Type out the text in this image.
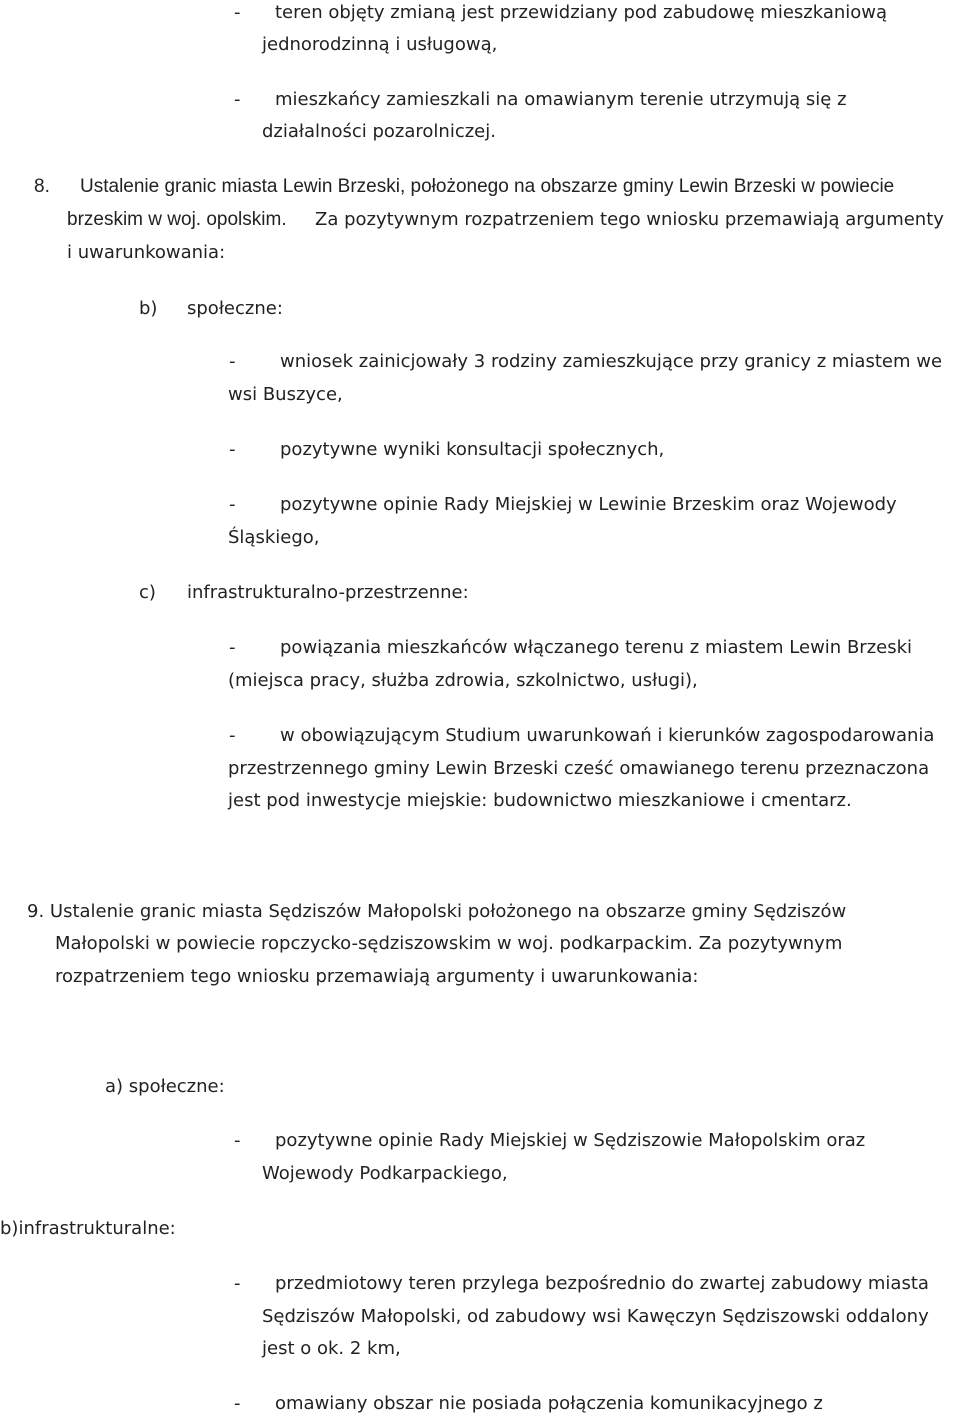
- teren objęty zmianą jest przewidziany pod zabudowę mieszkaniową
jednorodzinną i usługową,
- mieszkańcy zamieszkali na omawianym terenie utrzymują się z
działalności pozarolniczej.
8. Ustalenie granic miasta Lewin Brzeski, położonego na obszarze gminy Lewin Brzeski w powiecie
brzeskim w woj. opolskim. Za pozytywnym rozpatrzeniem tego wniosku przemawiają argumenty
i uwarunkowania:
b) społeczne:
- wniosek zainicjowały 3 rodziny zamieszkujące przy granicy z miastem we
wsi Buszyce,
- pozytywne wyniki konsultacji społecznych,
- pozytywne opinie Rady Miejskiej w Lewinie Brzeskim oraz Wojewody
Śląskiego,
c) infrastrukturalno-przestrzenne:
- powiązania mieszkańców włączanego terenu z miastem Lewin Brzeski
(miejsca pracy, służba zdrowia, szkolnictwo, usługi),
- w obowiązującym Studium uwarunkowań i kierunków zagospodarowania
przestrzennego gminy Lewin Brzeski cześć omawianego terenu przeznaczona
jest pod inwestycje miejskie: budownictwo mieszkaniowe i cmentarz.
9. Ustalenie granic miasta Sędziszów Małopolski położonego na obszarze gminy Sędziszów
Małopolski w powiecie ropczycko-sędziszowskim w woj. podkarpackim. Za pozytywnym
rozpatrzeniem tego wniosku przemawiają argumenty i uwarunkowania:
a) społeczne:
- pozytywne opinie Rady Miejskiej w Sędziszowie Małopolskim oraz
Wojewody Podkarpackiego,
b)infrastrukturalne:
- przedmiotowy teren przylega bezpośrednio do zwartej zabudowy miasta
Sędziszów Małopolski, od zabudowy wsi Kawęczyn Sędziszowski oddalony
jest o ok. 2 km,
- omawiany obszar nie posiada połączenia komunikacyjnego z
